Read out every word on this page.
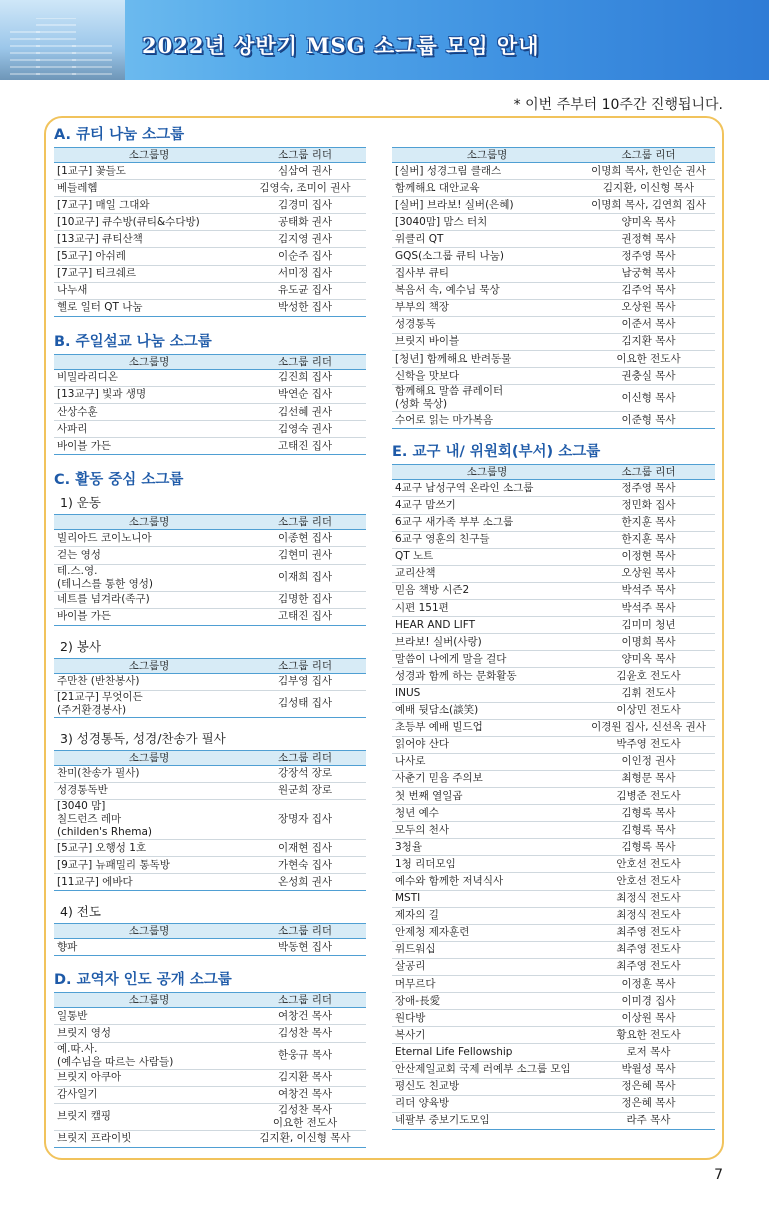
2022년 상반기 MSG 소그룹 모임 안내
* 이번 주부터 10주간 진행됩니다.
A. 큐티 나눔 소그룹
소그룹명	소그룹 리더
[1교구] 꽃들도	심삼여 권사
베들레헴	김영숙, 조미이 권사
[7교구] 매일 그대와	김경미 집사
[10교구] 큐수방(큐티&수다방)	공태화 권사
[13교구] 큐티산책	김지영 권사
[5교구] 아쉬레	이순주 집사
[7교구] 티크쉐르	서미정 집사
나누새	유도균 집사
헬로 일터 QT 나눔	박성한 집사
B. 주일설교 나눔 소그룹
소그룹명	소그룹 리더
비밀라리디온	김진희 집사
[13교구] 빛과 생명	박연순 집사
산상수훈	김선혜 권사
사파리	김영숙 권사
바이블 가든	고태진 집사
C. 활동 중심 소그룹
1) 운동
소그룹명	소그룹 리더
빌리아드 코이노니아	이종현 집사
걷는 영성	김현미 권사

테.스.영.
(테니스를 통한 영성)	이재희 집사
네트를 넘겨라(족구)	김명한 집사
바이블 가든	고태진 집사
2) 봉사
소그룹명	소그룹 리더
주만찬 (반찬봉사)	김부영 집사

[21교구] 무엇이든
(주거환경봉사)	김성태 집사
3) 성경통독, 성경/찬송가 필사
소그룹명	소그룹 리더
찬미(찬송가 필사)	강장석 장로
성경통독반	원군희 장로

[3040 맘]
칠드런즈 레마
(childen's Rhema)	장명자 집사
[5교구] 오행성 1호	이재현 집사
[9교구] 뉴패밀리 통독방	가현숙 집사
[11교구] 에바다	온성희 권사
4) 전도
소그룹명	소그룹 리더
향파	박동현 집사
D. 교역자 인도 공개 소그룹
소그룹명	소그룹 리더
일통반	여창건 목사
브릿지 영성	김성찬 목사

예.따.사.
(예수님을 따르는 사람들)	한웅규 목사
브릿지 아쿠아	김지환 목사
감사일기	여창건 목사
브릿지 캠핑	김성찬 목사
이요한 전도사

브릿지 프라이빗	김지환, 이신형 목사
소그룹명	소그룹 리더
[실버] 성경그림 클래스	이명희 목사, 한인순 권사
함께해요 대안교육	김지환, 이신형 목사
[실버] 브라보! 실버(은혜)	이명희 목사, 김연희 집사
[3040맘] 맘스 터치	양미옥 목사
위클리 QT	권정혁 목사
GQS(소그룹 큐티 나눔)	정주영 목사
집사부 큐티	남궁혁 목사
복음서 속, 예수님 묵상	김주억 목사
부부의 책장	오상원 목사
성경통독	이준서 목사
브릿지 바이블	김지환 목사
[청년] 함께해요 반려동물	이요한 전도사
신학을 맛보다	권충실 목사

함께해요 말씀 큐레이터
(성화 묵상)	이신형 목사
수어로 읽는 마가복음	이준형 목사
E. 교구 내/ 위원회(부서) 소그룹
소그룹명	소그룹 리더
4교구 남성구역 온라인 소그룹	정주영 목사
4교구 맘쓰기	정민화 집사
6교구 새가족 부부 소그룹	한지훈 목사
6교구 영훈의 친구들	한지훈 목사
QT 노트	이정현 목사
교리산책	오상원 목사
믿음 책방 시즌2	박석주 목사
시편 151편	박석주 목사
HEAR AND LIFT	김미미 청년
브라보! 실버(사랑)	이명희 목사
말씀이 나에게 말을 걸다	양미옥 목사
성경과 함께 하는 문화활동	김윤호 전도사
INUS	김휘 전도사
예배 뒷담소(談笑)	이상민 전도사
초등부 예배 빌드업	이경원 집사, 신선옥 권사
읽어야 산다	박주영 전도사
나사로	이인정 권사
사춘기 믿음 주의보	최형문 목사
첫 번째 열일곱	김병준 전도사
청년 예수	김형록 목사
모두의 천사	김형록 목사
3청율	김형록 목사
1청 리더모임	안호선 전도사
예수와 함께한 저녁식사	안호선 전도사
MSTI	최정식 전도사
제자의 길	최정식 전도사
안제청 제자훈련	최주영 전도사
위드워십	최주영 전도사
살공리	최주영 전도사
머무르다	이정훈 목사
장애-長愛	이미경 집사
원다방	이상원 목사
복사기	황요한 전도사
Eternal Life Fellowship	로저 목사
안산제일교회 국제 러예부 소그룹 모임	박월성 목사
평신도 친교방	정은혜 목사
리더 양육방	정은혜 목사
네팔부 중보기도모임	라주 목사
7
